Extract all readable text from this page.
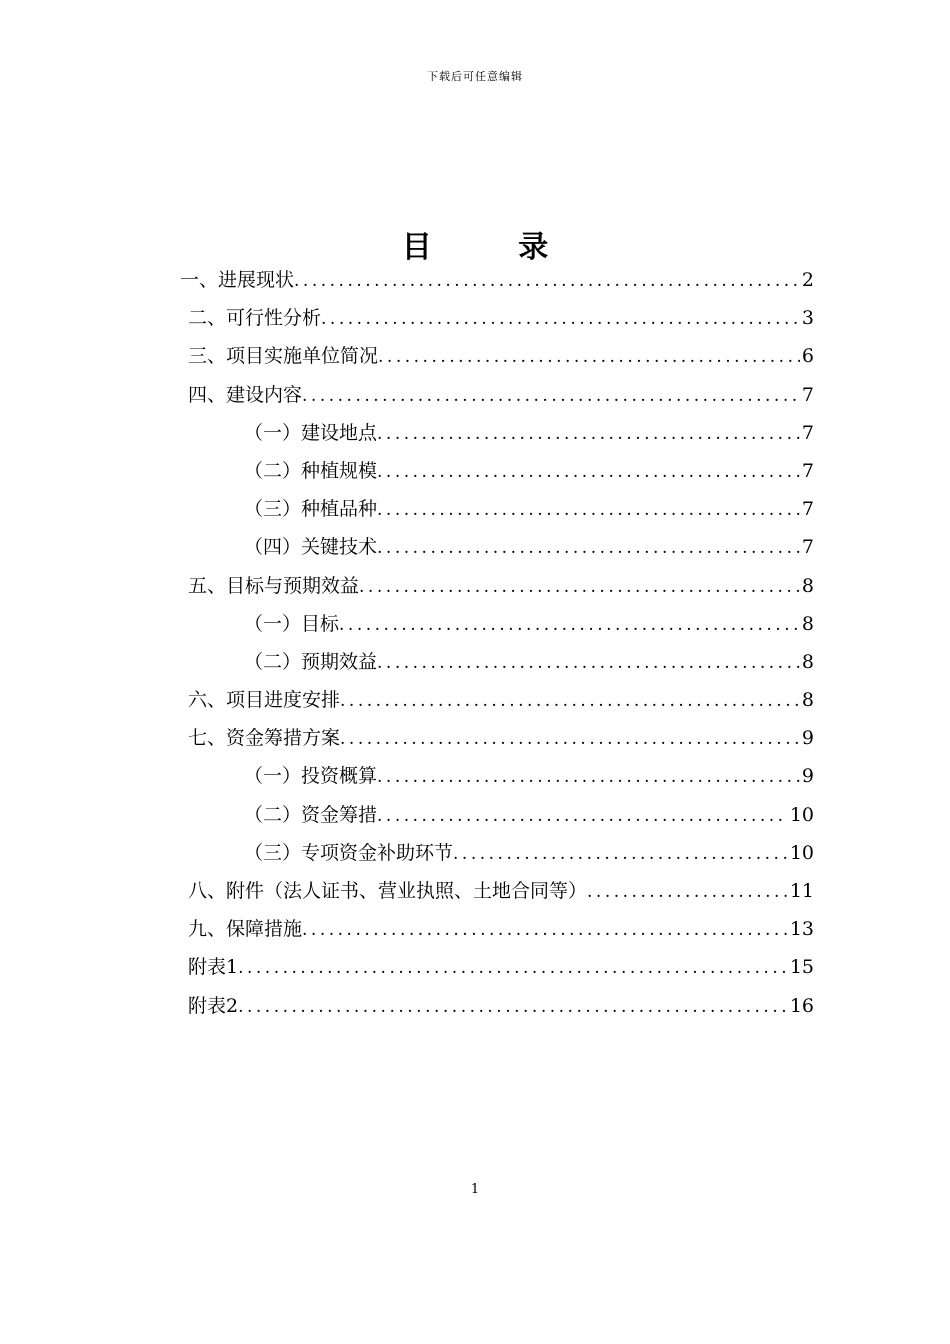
下载后可任意编辑
目 录
一、进展现状 .....	2
二、可行性分析 .....	3
三、项目实施单位简况 .....	6
四、建设内容 .....	7
（一）建设地点 .....	7
（二）种植规模 .....	7
（三）种植品种 .....	7
（四）关键技术 .....	7
五、目标与预期效益 .....	8
（一）目标 .....	8
（二）预期效益 .....	8
六、项目进度安排 .....	8
七、资金筹措方案 .....	9
（一）投资概算 .....	9
（二）资金筹措 .....	10
（三）专项资金补助环节 .....	10
八、附件（法人证书、营业执照、土地合同等） .....	11
九、保障措施 .....	13
附表1 .....	15
附表2 .....	16
1
